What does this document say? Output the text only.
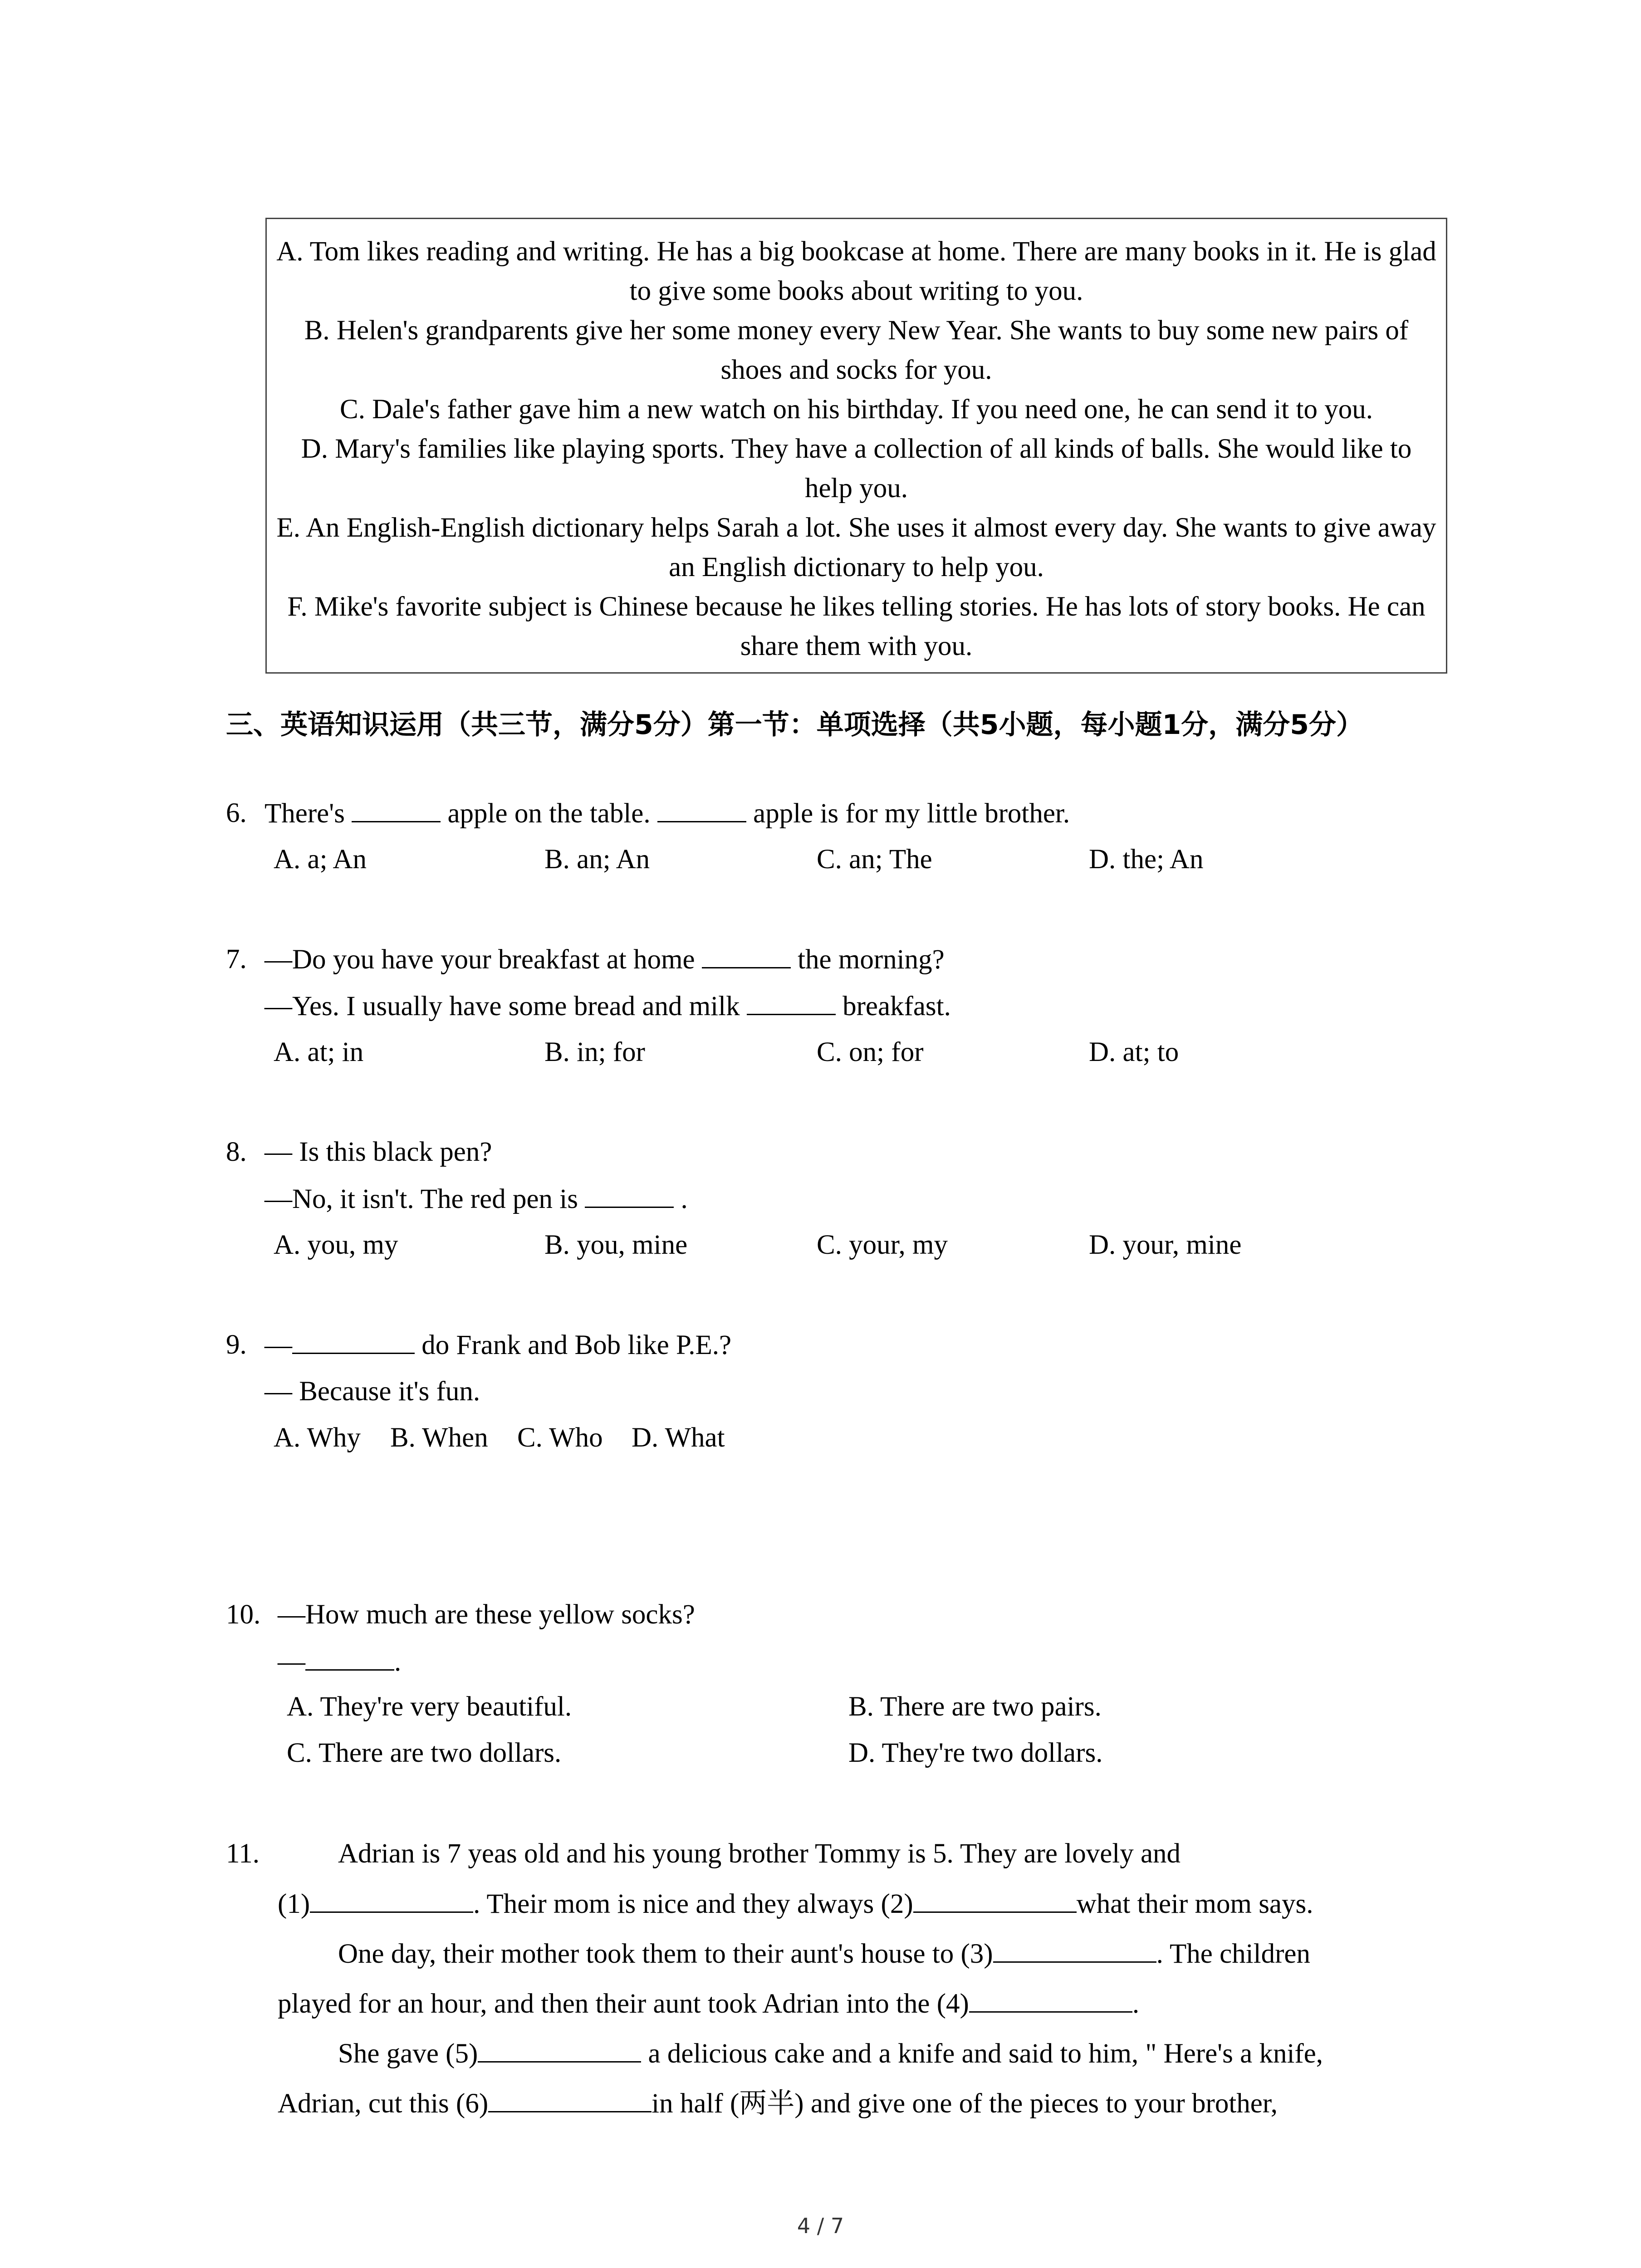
A. Tom likes reading and writing. He has a big bookcase at home. There are many books in it. He is glad to give some books about writing to you.

B. Helen's grandparents give her some money every New Year. She wants to buy some new pairs of shoes and socks for you.

C. Dale's father gave him a new watch on his birthday. If you need one, he can send it to you.

D. Mary's families like playing sports. They have a collection of all kinds of balls. She would like to help you.

E. An English-English dictionary helps Sarah a lot. She uses it almost every day. She wants to give away an English dictionary to help you.

F. Mike's favorite subject is Chinese because he likes telling stories. He has lots of story books. He can share them with you.

三、英语知识运用（共三节，满分5分）第一节：单项选择（共5小题，每小题1分，满分5分）

6. There's	apple on the table.	apple is for my little brother.
A. a; An	B. an; An	C. an; The	D. the; An
7. —Do you have your breakfast at home	the morning?
—Yes. I usually have some bread and milk	breakfast.
A. at; in	B. in; for	C. on; for	D. at; to
8. — Is this black pen?
—No, it isn't. The red pen is	.
A. you, my	B. you, mine	C. your, my	D. your, mine
9. —	do Frank and Bob like P.E.?
— Because it's fun.
A. Why B. When C. Who D. What
10. —How much are these yellow socks?
—	.
A. They're very beautiful.	B. There are two pairs.
C. There are two dollars.	D. They're two dollars.
11.	Adrian is 7 yeas old and his young brother Tommy is 5. They are lovely and
(1)	. Their mom is nice and they always (2)	what their mom says.
One day, their mother took them to their aunt's house to (3)	. The children
played for an hour, and then their aunt took Adrian into the (4)	.
She gave (5)	a delicious cake and a knife and said to him, " Here's a knife,
Adrian, cut this (6)	in half (两半) and give one of the pieces to your brother,
4 / 7
